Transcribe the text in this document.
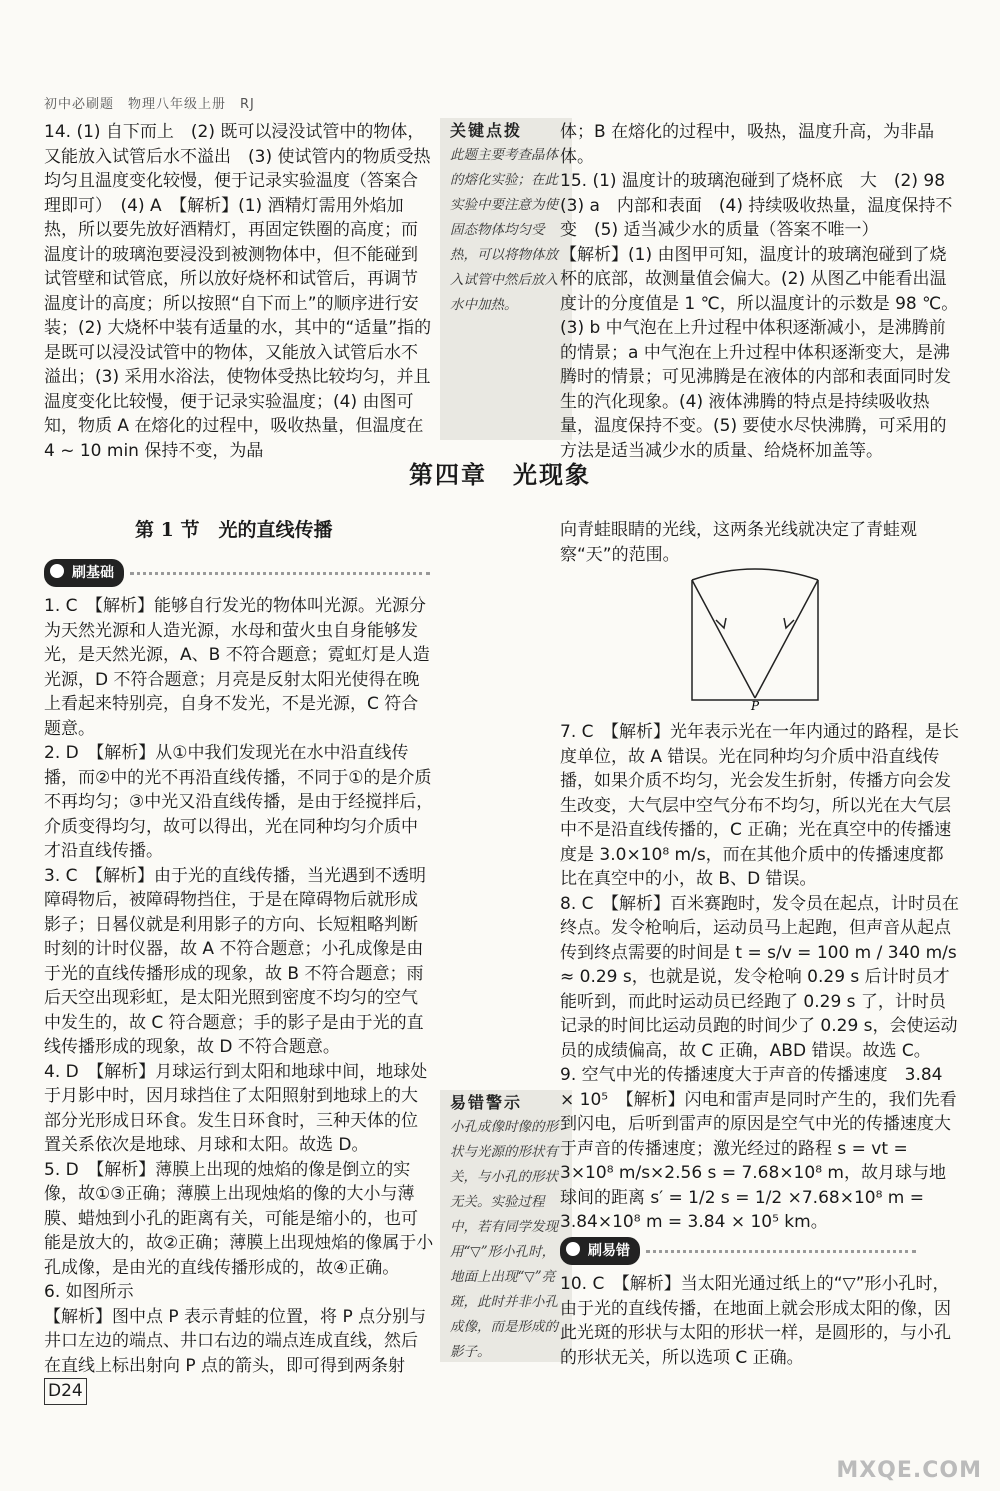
初中必刷题　物理八年级上册　RJ
14. (1) 自下而上　(2) 既可以浸没试管中的物体，又能放入试管后水不溢出　(3) 使试管内的物质受热均匀且温度变化较慢，便于记录实验温度（答案合理即可）　(4) A　【解析】(1) 酒精灯需用外焰加热，所以要先放好酒精灯，再固定铁圈的高度；而温度计的玻璃泡要浸没到被测物体中，但不能碰到试管壁和试管底，所以放好烧杯和试管后，再调节温度计的高度；所以按照“自下而上”的顺序进行安装；(2) 大烧杯中装有适量的水，其中的“适量”指的是既可以浸没试管中的物体，又能放入试管后水不溢出；(3) 采用水浴法，使物体受热比较均匀，并且温度变化比较慢，便于记录实验温度；(4) 由图可知，物质 A 在熔化的过程中，吸收热量，但温度在 4 ~ 10 min 保持不变，为晶
关键点拨
此题主要考查晶体的熔化实验；在此实验中要注意为使固态物体均匀受热，可以将物体放入试管中然后放入水中加热。

体；B 在熔化的过程中，吸热，温度升高，为非晶体。

15. (1) 温度计的玻璃泡碰到了烧杯底　大　(2) 98　(3) a　内部和表面　(4) 持续吸收热量，温度保持不变　(5) 适当减少水的质量（答案不唯一）

【解析】(1) 由图甲可知，温度计的玻璃泡碰到了烧杯的底部，故测量值会偏大。(2) 从图乙中能看出温度计的分度值是 1 ℃，所以温度计的示数是 98 ℃。(3) b 中气泡在上升过程中体积逐渐减小，是沸腾前的情景；a 中气泡在上升过程中体积逐渐变大，是沸腾时的情景；可见沸腾是在液体的内部和表面同时发生的汽化现象。(4) 液体沸腾的特点是持续吸收热量，温度保持不变。(5) 要使水尽快沸腾，可采用的方法是适当减少水的质量、给烧杯加盖等。

第四章　光现象
第 1 节　光的直线传播
刷基础

1. C　【解析】能够自行发光的物体叫光源。光源分为天然光源和人造光源，水母和萤火虫自身能够发光，是天然光源，A、B 不符合题意；霓虹灯是人造光源，D 不符合题意；月亮是反射太阳光使得在晚上看起来特别亮，自身不发光，不是光源，C 符合题意。

2. D　【解析】从①中我们发现光在水中沿直线传播，而②中的光不再沿直线传播，不同于①的是介质不再均匀；③中光又沿直线传播，是由于经搅拌后，介质变得均匀，故可以得出，光在同种均匀介质中才沿直线传播。

3. C　【解析】由于光的直线传播，当光遇到不透明障碍物后，被障碍物挡住，于是在障碍物后就形成影子；日晷仪就是利用影子的方向、长短粗略判断时刻的计时仪器，故 A 不符合题意；小孔成像是由于光的直线传播形成的现象，故 B 不符合题意；雨后天空出现彩虹，是太阳光照到密度不均匀的空气中发生的，故 C 符合题意；手的影子是由于光的直线传播形成的现象，故 D 不符合题意。

4. D　【解析】月球运行到太阳和地球中间，地球处于月影中时，因月球挡住了太阳照射到地球上的大部分光形成日环食。发生日环食时，三种天体的位置关系依次是地球、月球和太阳。故选 D。

5. D　【解析】薄膜上出现的烛焰的像是倒立的实像，故①③正确；薄膜上出现烛焰的像的大小与薄膜、蜡烛到小孔的距离有关，可能是缩小的，也可能是放大的，故②正确；薄膜上出现烛焰的像属于小孔成像，是由光的直线传播形成的，故④正确。

6. 如图所示

【解析】图中点 P 表示青蛙的位置，将 P 点分别与井口左边的端点、井口右边的端点连成直线，然后在直线上标出射向 P 点的箭头，即可得到两条射

易错警示
小孔成像时像的形状与光源的形状有关，与小孔的形状无关。实验过程中，若有同学发现用“▽”形小孔时，地面上出现“▽”亮斑，此时并非小孔成像，而是形成的影子。

向青蛙眼睛的光线，这两条光线就决定了青蛙观察“天”的范围。

P

7. C　【解析】光年表示光在一年内通过的路程，是长度单位，故 A 错误。光在同种均匀介质中沿直线传播，如果介质不均匀，光会发生折射，传播方向会发生改变，大气层中空气分布不均匀，所以光在大气层中不是沿直线传播的，C 正确；光在真空中的传播速度是 3.0×10⁸ m/s，而在其他介质中的传播速度都比在真空中的小，故 B、D 错误。

8. C　【解析】百米赛跑时，发令员在起点，计时员在终点。发令枪响后，运动员马上起跑，但声音从起点传到终点需要的时间是 t = s/v = 100 m / 340 m/s ≈ 0.29 s，也就是说，发令枪响 0.29 s 后计时员才能听到，而此时运动员已经跑了 0.29 s 了，计时员记录的时间比运动员跑的时间少了 0.29 s，会使运动员的成绩偏高，故 C 正确，ABD 错误。故选 C。

9. 空气中光的传播速度大于声音的传播速度　3.84 × 10⁵　【解析】闪电和雷声是同时产生的，我们先看到闪电，后听到雷声的原因是空气中光的传播速度大于声音的传播速度；激光经过的路程 s = vt = 3×10⁸ m/s×2.56 s = 7.68×10⁸ m，故月球与地球间的距离 s′ = 1/2 s = 1/2 ×7.68×10⁸ m = 3.84×10⁸ m = 3.84 × 10⁵ km。

刷易错
10. C　【解析】当太阳光通过纸上的“▽”形小孔时，由于光的直线传播，在地面上就会形成太阳的像，因此光斑的形状与太阳的形状一样，是圆形的，与小孔的形状无关，所以选项 C 正确。
D24
MXQE.COM
